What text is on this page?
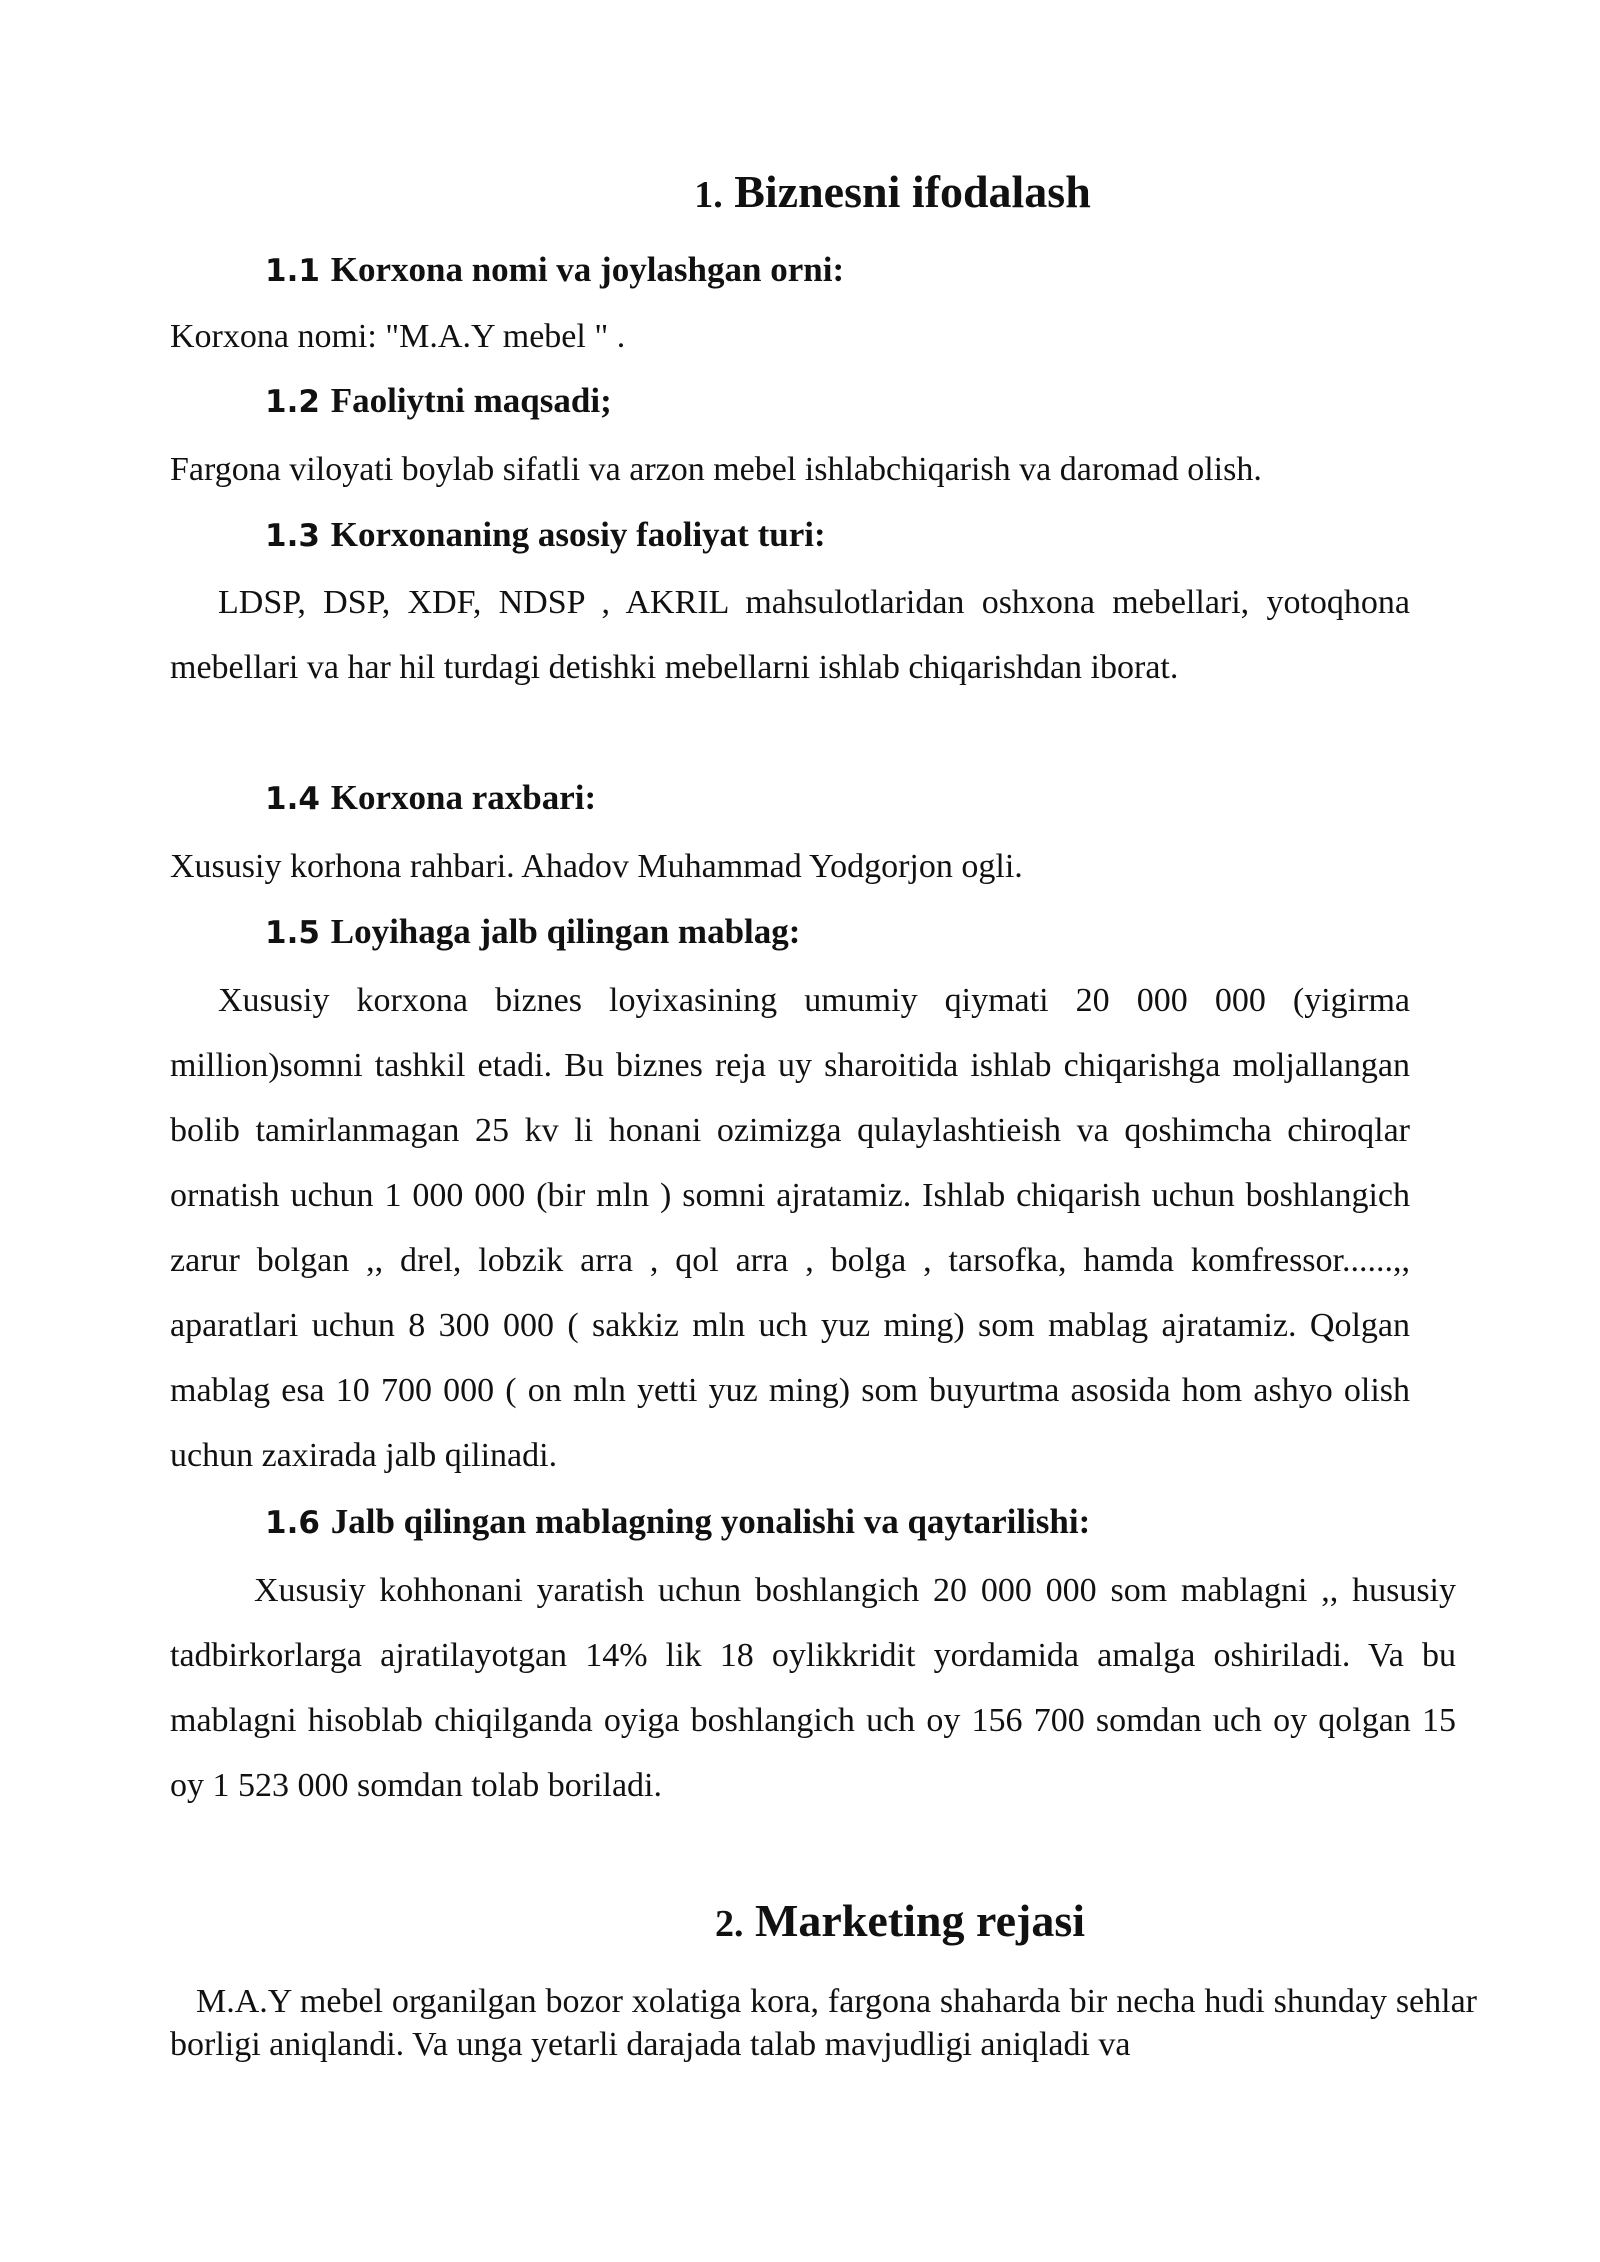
1. Biznesni ifodalash
1.1 Korxona nomi va joylashgan orni:

Korxona nomi: "M.A.Y mebel " .

1.2 Faoliytni maqsadi;

Fargona viloyati boylab sifatli va arzon mebel ishlabchiqarish va daromad olish.

1.3 Korxonaning asosiy faoliyat turi:

LDSP, DSP, XDF, NDSP , AKRIL mahsulotlaridan oshxona mebellari, yotoqhona mebellari va har hil turdagi detishki mebellarni ishlab chiqarishdan iborat.

1.4 Korxona raxbari:

Xususiy korhona rahbari. Ahadov Muhammad Yodgorjon ogli.

1.5 Loyihaga jalb qilingan mablag:

Xususiy korxona biznes loyixasining umumiy qiymati 20 000 000 (yigirma million)somni tashkil etadi. Bu biznes reja uy sharoitida ishlab chiqarishga moljallangan bolib tamirlanmagan 25 kv li honani ozimizga qulaylashtieish va qoshimcha chiroqlar ornatish uchun 1 000 000 (bir mln ) somni ajratamiz. Ishlab chiqarish uchun boshlangich zarur bolgan ,, drel, lobzik arra , qol arra , bolga , tarsofka, hamda komfressor......,, aparatlari uchun 8 300 000 ( sakkiz mln uch yuz ming) som mablag ajratamiz. Qolgan mablag esa 10 700 000 ( on mln yetti yuz ming) som buyurtma asosida hom ashyo olish uchun zaxirada jalb qilinadi.

1.6 Jalb qilingan mablagning yonalishi va qaytarilishi:

Xususiy kohhonani yaratish uchun boshlangich 20 000 000 som mablagni ,, hususiy tadbirkorlarga ajratilayotgan 14% lik 18 oylikkridit yordamida amalga oshiriladi. Va bu mablagni hisoblab chiqilganda oyiga boshlangich uch oy 156 700 somdan uch oy qolgan 15 oy 1 523 000 somdan tolab boriladi.

2. Marketing rejasi

M.A.Y mebel organilgan bozor xolatiga kora, fargona shaharda bir necha hudi shunday sehlar borligi aniqlandi. Va unga yetarli darajada talab mavjudligi aniqladi va
